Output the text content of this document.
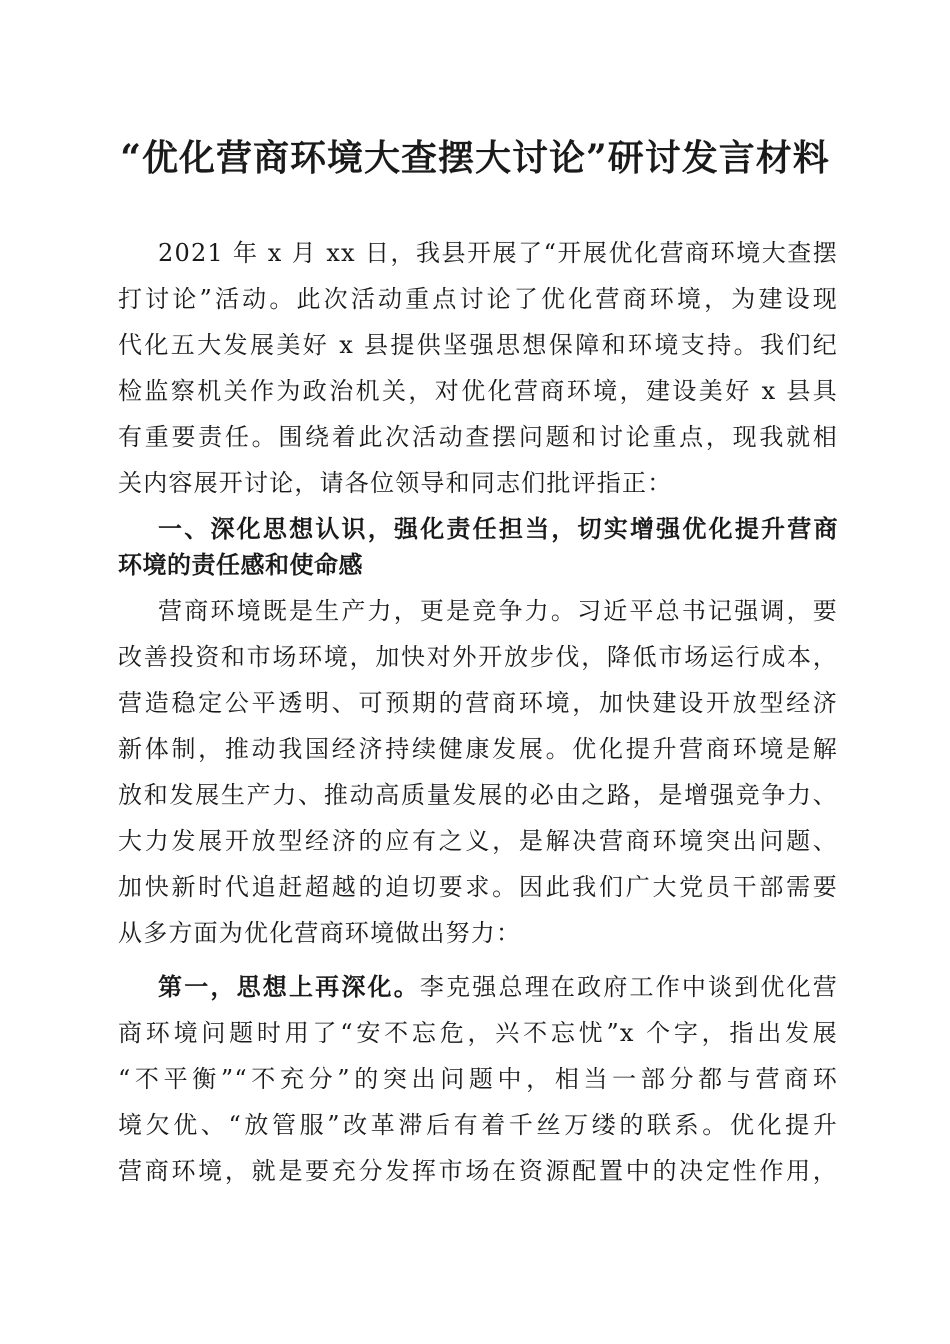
“优化营商环境大查摆大讨论”研讨发言材料
2021 年 x 月 xx 日，我县开展了“开展优化营商环境大查摆
打讨论”活动。此次活动重点讨论了优化营商环境，为建设现
代化五大发展美好 x 县提供坚强思想保障和环境支持。我们纪
检监察机关作为政治机关，对优化营商环境，建设美好 x 县具
有重要责任。围绕着此次活动查摆问题和讨论重点，现我就相
关内容展开讨论，请各位领导和同志们批评指正：
一、深化思想认识，强化责任担当，切实增强优化提升营商
环境的责任感和使命感
营商环境既是生产力，更是竞争力。习近平总书记强调，要
改善投资和市场环境，加快对外开放步伐，降低市场运行成本，
营造稳定公平透明、可预期的营商环境，加快建设开放型经济
新体制，推动我国经济持续健康发展。优化提升营商环境是解
放和发展生产力、推动高质量发展的必由之路，是增强竞争力、
大力发展开放型经济的应有之义，是解决营商环境突出问题、
加快新时代追赶超越的迫切要求。因此我们广大党员干部需要
从多方面为优化营商环境做出努力：
第一，思想上再深化。李克强总理在政府工作中谈到优化营
商环境问题时用了“安不忘危，兴不忘忧”x 个字，指出发展
“不平衡”“不充分”的突出问题中，相当一部分都与营商环
境欠优、“放管服”改革滞后有着千丝万缕的联系。优化提升
营商环境，就是要充分发挥市场在资源配置中的决定性作用，
